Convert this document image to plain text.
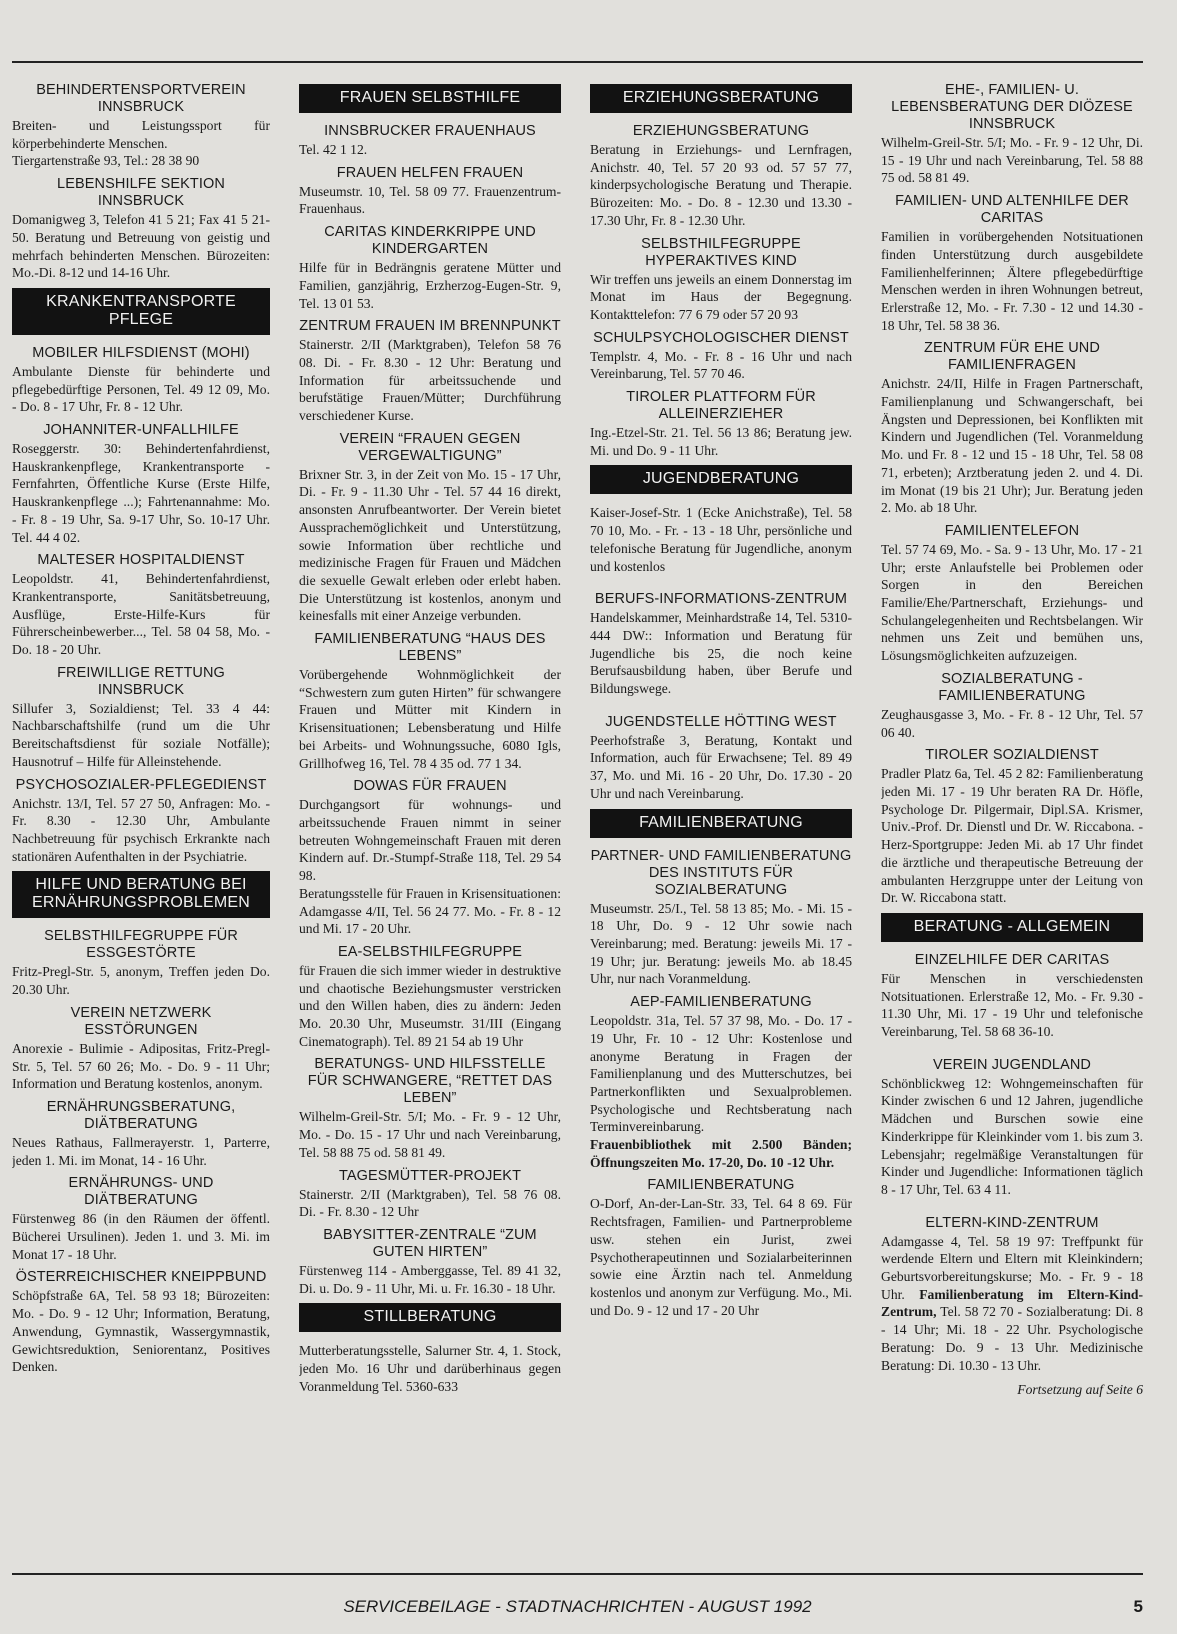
BEHINDERTENSPORTVEREIN INNSBRUCK

Breiten- und Leistungssport für körperbehinderte Menschen.
Tiergartenstraße 93, Tel.: 28 38 90

LEBENSHILFE SEKTION INNSBRUCK

Domanigweg 3, Telefon 41 5 21; Fax 41 5 21-50. Beratung und Betreuung von geistig und mehrfach behinderten Menschen. Bürozeiten: Mo.-Di. 8-12 und 14-16 Uhr.

KRANKENTRANSPORTE PFLEGE
MOBILER HILFSDIENST (MOHI)

Ambulante Dienste für behinderte und pflegebedürftige Personen, Tel. 49 12 09, Mo. - Do. 8 - 17 Uhr, Fr. 8 - 12 Uhr.

JOHANNITER-UNFALLHILFE

Roseggerstr. 30: Behindertenfahrdienst, Hauskrankenpflege, Krankentransporte - Fernfahrten, Öffentliche Kurse (Erste Hilfe, Hauskrankenpflege ...); Fahrtenannahme: Mo. - Fr. 8 - 19 Uhr, Sa. 9-17 Uhr, So. 10-17 Uhr. Tel. 44 4 02.

MALTESER HOSPITALDIENST

Leopoldstr. 41, Behindertenfahrdienst, Krankentransporte, Sanitätsbetreuung, Ausflüge, Erste-Hilfe-Kurs für Führerscheinbewerber..., Tel. 58 04 58, Mo. - Do. 18 - 20 Uhr.

FREIWILLIGE RETTUNG INNSBRUCK

Sillufer 3, Sozialdienst; Tel. 33 4 44: Nachbarschaftshilfe (rund um die Uhr Bereitschaftsdienst für soziale Notfälle); Hausnotruf – Hilfe für Alleinstehende.

PSYCHOSOZIALER-PFLEGEDIENST

Anichstr. 13/I, Tel. 57 27 50, Anfragen: Mo. - Fr. 8.30 - 12.30 Uhr, Ambulante Nachbetreuung für psychisch Erkrankte nach stationären Aufenthalten in der Psychiatrie.

HILFE UND BERATUNG BEI ERNÄHRUNGSPROBLEMEN
SELBSTHILFEGRUPPE FÜR ESSGESTÖRTE

Fritz-Pregl-Str. 5, anonym, Treffen jeden Do. 20.30 Uhr.

VEREIN NETZWERK ESSTÖRUNGEN

Anorexie - Bulimie - Adipositas, Fritz-Pregl-Str. 5, Tel. 57 60 26; Mo. - Do. 9 - 11 Uhr; Information und Beratung kostenlos, anonym.

ERNÄHRUNGSBERATUNG, DIÄTBERATUNG

Neues Rathaus, Fallmerayerstr. 1, Parterre, jeden 1. Mi. im Monat, 14 - 16 Uhr.

ERNÄHRUNGS- UND DIÄTBERATUNG

Fürstenweg 86 (in den Räumen der öffentl. Bücherei Ursulinen). Jeden 1. und 3. Mi. im Monat 17 - 18 Uhr.

ÖSTERREICHISCHER KNEIPPBUND

Schöpfstraße 6A, Tel. 58 93 18; Bürozeiten: Mo. - Do. 9 - 12 Uhr; Information, Beratung, Anwendung, Gymnastik, Wassergymnastik, Gewichtsreduktion, Seniorentanz, Positives Denken.

FRAUEN SELBSTHILFE
INNSBRUCKER FRAUENHAUS

Tel. 42 1 12.

FRAUEN HELFEN FRAUEN

Museumstr. 10, Tel. 58 09 77. Frauenzentrum-Frauenhaus.

CARITAS KINDERKRIPPE UND KINDERGARTEN

Hilfe für in Bedrängnis geratene Mütter und Familien, ganzjährig, Erzherzog-Eugen-Str. 9, Tel. 13 01 53.

ZENTRUM FRAUEN IM BRENNPUNKT

Stainerstr. 2/II (Marktgraben), Telefon 58 76 08. Di. - Fr. 8.30 - 12 Uhr: Beratung und Information für arbeitssuchende und berufstätige Frauen/Mütter; Durchführung verschiedener Kurse.

VEREIN “FRAUEN GEGEN VERGEWALTIGUNG”

Brixner Str. 3, in der Zeit von Mo. 15 - 17 Uhr, Di. - Fr. 9 - 11.30 Uhr - Tel. 57 44 16 direkt, ansonsten Anrufbeantworter. Der Verein bietet Aussprachemöglichkeit und Unterstützung, sowie Information über rechtliche und medizinische Fragen für Frauen und Mädchen die sexuelle Gewalt erleben oder erlebt haben. Die Unterstützung ist kostenlos, anonym und keinesfalls mit einer Anzeige verbunden.

FAMILIENBERATUNG “HAUS DES LEBENS”

Vorübergehende Wohnmöglichkeit der “Schwestern zum guten Hirten” für schwangere Frauen und Mütter mit Kindern in Krisensituationen; Lebensberatung und Hilfe bei Arbeits- und Wohnungssuche, 6080 Igls, Grillhofweg 16, Tel. 78 4 35 od. 77 1 34.

DOWAS FÜR FRAUEN

Durchgangsort für wohnungs- und arbeitssuchende Frauen nimmt in seiner betreuten Wohngemeinschaft Frauen mit deren Kindern auf. Dr.-Stumpf-Straße 118, Tel. 29 54 98.
Beratungsstelle für Frauen in Krisensituationen: Adamgasse 4/II, Tel. 56 24 77. Mo. - Fr. 8 - 12 und Mi. 17 - 20 Uhr.

EA-SELBSTHILFEGRUPPE

für Frauen die sich immer wieder in destruktive und chaotische Beziehungsmuster verstricken und den Willen haben, dies zu ändern: Jeden Mo. 20.30 Uhr, Museumstr. 31/III (Eingang Cinematograph). Tel. 89 21 54 ab 19 Uhr

BERATUNGS- UND HILFSSTELLE FÜR SCHWANGERE, “RETTET DAS LEBEN”

Wilhelm-Greil-Str. 5/I; Mo. - Fr. 9 - 12 Uhr, Mo. - Do. 15 - 17 Uhr und nach Vereinbarung, Tel. 58 88 75 od. 58 81 49.

TAGESMÜTTER-PROJEKT

Stainerstr. 2/II (Marktgraben), Tel. 58 76 08. Di. - Fr. 8.30 - 12 Uhr

BABYSITTER-ZENTRALE “ZUM GUTEN HIRTEN”

Fürstenweg 114 - Amberggasse, Tel. 89 41 32, Di. u. Do. 9 - 11 Uhr, Mi. u. Fr. 16.30 - 18 Uhr.

STILLBERATUNG

Mutterberatungsstelle, Salurner Str. 4, 1. Stock, jeden Mo. 16 Uhr und darüberhinaus gegen Voranmeldung Tel. 5360-633

ERZIEHUNGSBERATUNG
ERZIEHUNGSBERATUNG

Beratung in Erziehungs- und Lernfragen, Anichstr. 40, Tel. 57 20 93 od. 57 57 77, kinderpsychologische Beratung und Therapie. Bürozeiten: Mo. - Do. 8 - 12.30 und 13.30 - 17.30 Uhr, Fr. 8 - 12.30 Uhr.

SELBSTHILFEGRUPPE HYPERAKTIVES KIND

Wir treffen uns jeweils an einem Donnerstag im Monat im Haus der Begegnung. Kontakttelefon: 77 6 79 oder 57 20 93

SCHULPSYCHOLOGISCHER DIENST

Templstr. 4, Mo. - Fr. 8 - 16 Uhr und nach Vereinbarung, Tel. 57 70 46.

TIROLER PLATTFORM FÜR ALLEINERZIEHER

Ing.-Etzel-Str. 21. Tel. 56 13 86; Beratung jew. Mi. und Do. 9 - 11 Uhr.

JUGENDBERATUNG

Kaiser-Josef-Str. 1 (Ecke Anichstraße), Tel. 58 70 10, Mo. - Fr. - 13 - 18 Uhr, persönliche und telefonische Beratung für Jugendliche, anonym und kostenlos

BERUFS-INFORMATIONS-ZENTRUM

Handelskammer, Meinhardstraße 14, Tel. 5310-444 DW:: Information und Beratung für Jugendliche bis 25, die noch keine Berufsausbildung haben, über Berufe und Bildungswege.

JUGENDSTELLE HÖTTING WEST

Peerhofstraße 3, Beratung, Kontakt und Information, auch für Erwachsene; Tel. 89 49 37, Mo. und Mi. 16 - 20 Uhr, Do. 17.30 - 20 Uhr und nach Vereinbarung.

FAMILIENBERATUNG
PARTNER- UND FAMILIENBERATUNG DES INSTITUTS FÜR SOZIALBERATUNG

Museumstr. 25/I., Tel. 58 13 85; Mo. - Mi. 15 - 18 Uhr, Do. 9 - 12 Uhr sowie nach Vereinbarung; med. Beratung: jeweils Mi. 17 - 19 Uhr; jur. Beratung: jeweils Mo. ab 18.45 Uhr, nur nach Voranmeldung.

AEP-FAMILIENBERATUNG

Leopoldstr. 31a, Tel. 57 37 98, Mo. - Do. 17 - 19 Uhr, Fr. 10 - 12 Uhr: Kostenlose und anonyme Beratung in Fragen der Familienplanung und des Mutterschutzes, bei Partnerkonflikten und Sexualproblemen. Psychologische und Rechtsberatung nach Terminvereinbarung.
Frauenbibliothek mit 2.500 Bänden; Öffnungszeiten Mo. 17-20, Do. 10 -12 Uhr.

FAMILIENBERATUNG

O-Dorf, An-der-Lan-Str. 33, Tel. 64 8 69. Für Rechtsfragen, Familien- und Partnerprobleme usw. stehen ein Jurist, zwei Psychotherapeutinnen und Sozialarbeiterinnen sowie eine Ärztin nach tel. Anmeldung kostenlos und anonym zur Verfügung. Mo., Mi. und Do. 9 - 12 und 17 - 20 Uhr

EHE-, FAMILIEN- U. LEBENSBERATUNG DER DIÖZESE INNSBRUCK

Wilhelm-Greil-Str. 5/I; Mo. - Fr. 9 - 12 Uhr, Di. 15 - 19 Uhr und nach Vereinbarung, Tel. 58 88 75 od. 58 81 49.

FAMILIEN- UND ALTENHILFE DER CARITAS

Familien in vorübergehenden Notsituationen finden Unterstützung durch ausgebildete Familienhelferinnen; Ältere pflegebedürftige Menschen werden in ihren Wohnungen betreut, Erlerstraße 12, Mo. - Fr. 7.30 - 12 und 14.30 - 18 Uhr, Tel. 58 38 36.

ZENTRUM FÜR EHE UND FAMILIENFRAGEN

Anichstr. 24/II, Hilfe in Fragen Partnerschaft, Familienplanung und Schwangerschaft, bei Ängsten und Depressionen, bei Konflikten mit Kindern und Jugendlichen (Tel. Voranmeldung Mo. und Fr. 8 - 12 und 15 - 18 Uhr, Tel. 58 08 71, erbeten); Arztberatung jeden 2. und 4. Di. im Monat (19 bis 21 Uhr); Jur. Beratung jeden 2. Mo. ab 18 Uhr.

FAMILIENTELEFON

Tel. 57 74 69, Mo. - Sa. 9 - 13 Uhr, Mo. 17 - 21 Uhr; erste Anlaufstelle bei Problemen oder Sorgen in den Bereichen Familie/Ehe/Partnerschaft, Erziehungs- und Schulangelegenheiten und Rechtsbelangen. Wir nehmen uns Zeit und bemühen uns, Lösungsmöglichkeiten aufzuzeigen.

SOZIALBERATUNG - FAMILIENBERATUNG

Zeughausgasse 3, Mo. - Fr. 8 - 12 Uhr, Tel. 57 06 40.

TIROLER SOZIALDIENST

Pradler Platz 6a, Tel. 45 2 82: Familienberatung jeden Mi. 17 - 19 Uhr beraten RA Dr. Höfle, Psychologe Dr. Pilgermair, Dipl.SA. Krismer, Univ.-Prof. Dr. Dienstl und Dr. W. Riccabona. - Herz-Sportgruppe: Jeden Mi. ab 17 Uhr findet die ärztliche und therapeutische Betreuung der ambulanten Herzgruppe unter der Leitung von Dr. W. Riccabona statt.

BERATUNG - ALLGEMEIN
EINZELHILFE DER CARITAS

Für Menschen in verschiedensten Notsituationen. Erlerstraße 12, Mo. - Fr. 9.30 - 11.30 Uhr, Mi. 17 - 19 Uhr und telefonische Vereinbarung, Tel. 58 68 36-10.

VEREIN JUGENDLAND

Schönblickweg 12: Wohngemeinschaften für Kinder zwischen 6 und 12 Jahren, jugendliche Mädchen und Burschen sowie eine Kinderkrippe für Kleinkinder vom 1. bis zum 3. Lebensjahr; regelmäßige Veranstaltungen für Kinder und Jugendliche: Informationen täglich 8 - 17 Uhr, Tel. 63 4 11.

ELTERN-KIND-ZENTRUM

Adamgasse 4, Tel. 58 19 97: Treffpunkt für werdende Eltern und Eltern mit Kleinkindern; Geburtsvorbereitungskurse; Mo. - Fr. 9 - 18 Uhr. Familienberatung im Eltern-Kind-Zentrum, Tel. 58 72 70 - Sozialberatung: Di. 8 - 14 Uhr; Mi. 18 - 22 Uhr. Psychologische Beratung: Do. 9 - 13 Uhr. Medizinische Beratung: Di. 10.30 - 13 Uhr.

Fortsetzung auf Seite 6
SERVICEBEILAGE - STADTNACHRICHTEN - AUGUST 1992	5
